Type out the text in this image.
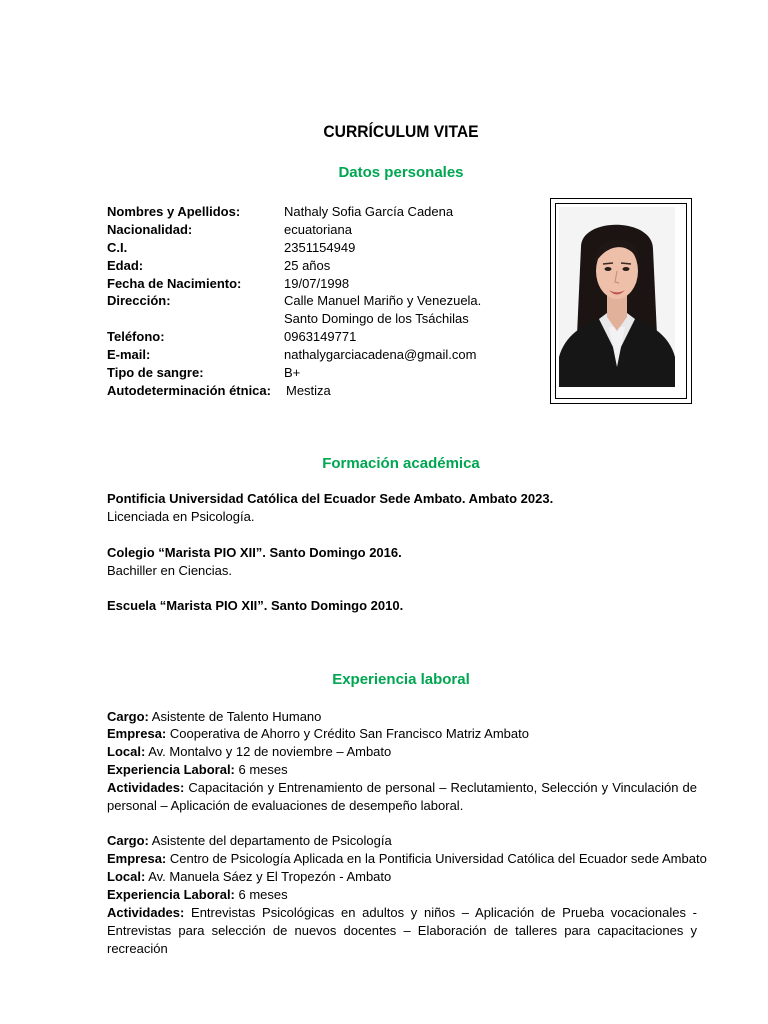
CURRÍCULUM VITAE
Datos personales
Nombres y Apellidos:	Nathaly Sofia García Cadena
Nacionalidad:	ecuatoriana
C.I.	2351154949
Edad:	25 años
Fecha de Nacimiento:	19/07/1998
Dirección:	Calle Manuel Mariño y Venezuela.
Santo Domingo de los Tsáchilas
Teléfono:	0963149771
E-mail:	nathalygarciacadena@gmail.com
Tipo de sangre:	B+
Autodeterminación étnica: Mestiza
Formación académica
Pontificia Universidad Católica del Ecuador Sede Ambato. Ambato 2023.
Licenciada en Psicología.
Colegio “Marista PIO XII”. Santo Domingo 2016.
Bachiller en Ciencias.
Escuela “Marista PIO XII”. Santo Domingo 2010.
Experiencia laboral
Cargo: Asistente de Talento Humano
Empresa: Cooperativa de Ahorro y Crédito San Francisco Matriz Ambato
Local: Av. Montalvo y 12 de noviembre – Ambato
Experiencia Laboral: 6 meses
Actividades: Capacitación y Entrenamiento de personal – Reclutamiento, Selección y Vinculación de personal – Aplicación de evaluaciones de desempeño laboral.
Cargo: Asistente del departamento de Psicología
Empresa: Centro de Psicología Aplicada en la Pontificia Universidad Católica del Ecuador sede Ambato
Local: Av. Manuela Sáez y El Tropezón - Ambato
Experiencia Laboral: 6 meses
Actividades: Entrevistas Psicológicas en adultos y niños – Aplicación de Prueba vocacionales - Entrevistas para selección de nuevos docentes – Elaboración de talleres para capacitaciones y recreación
